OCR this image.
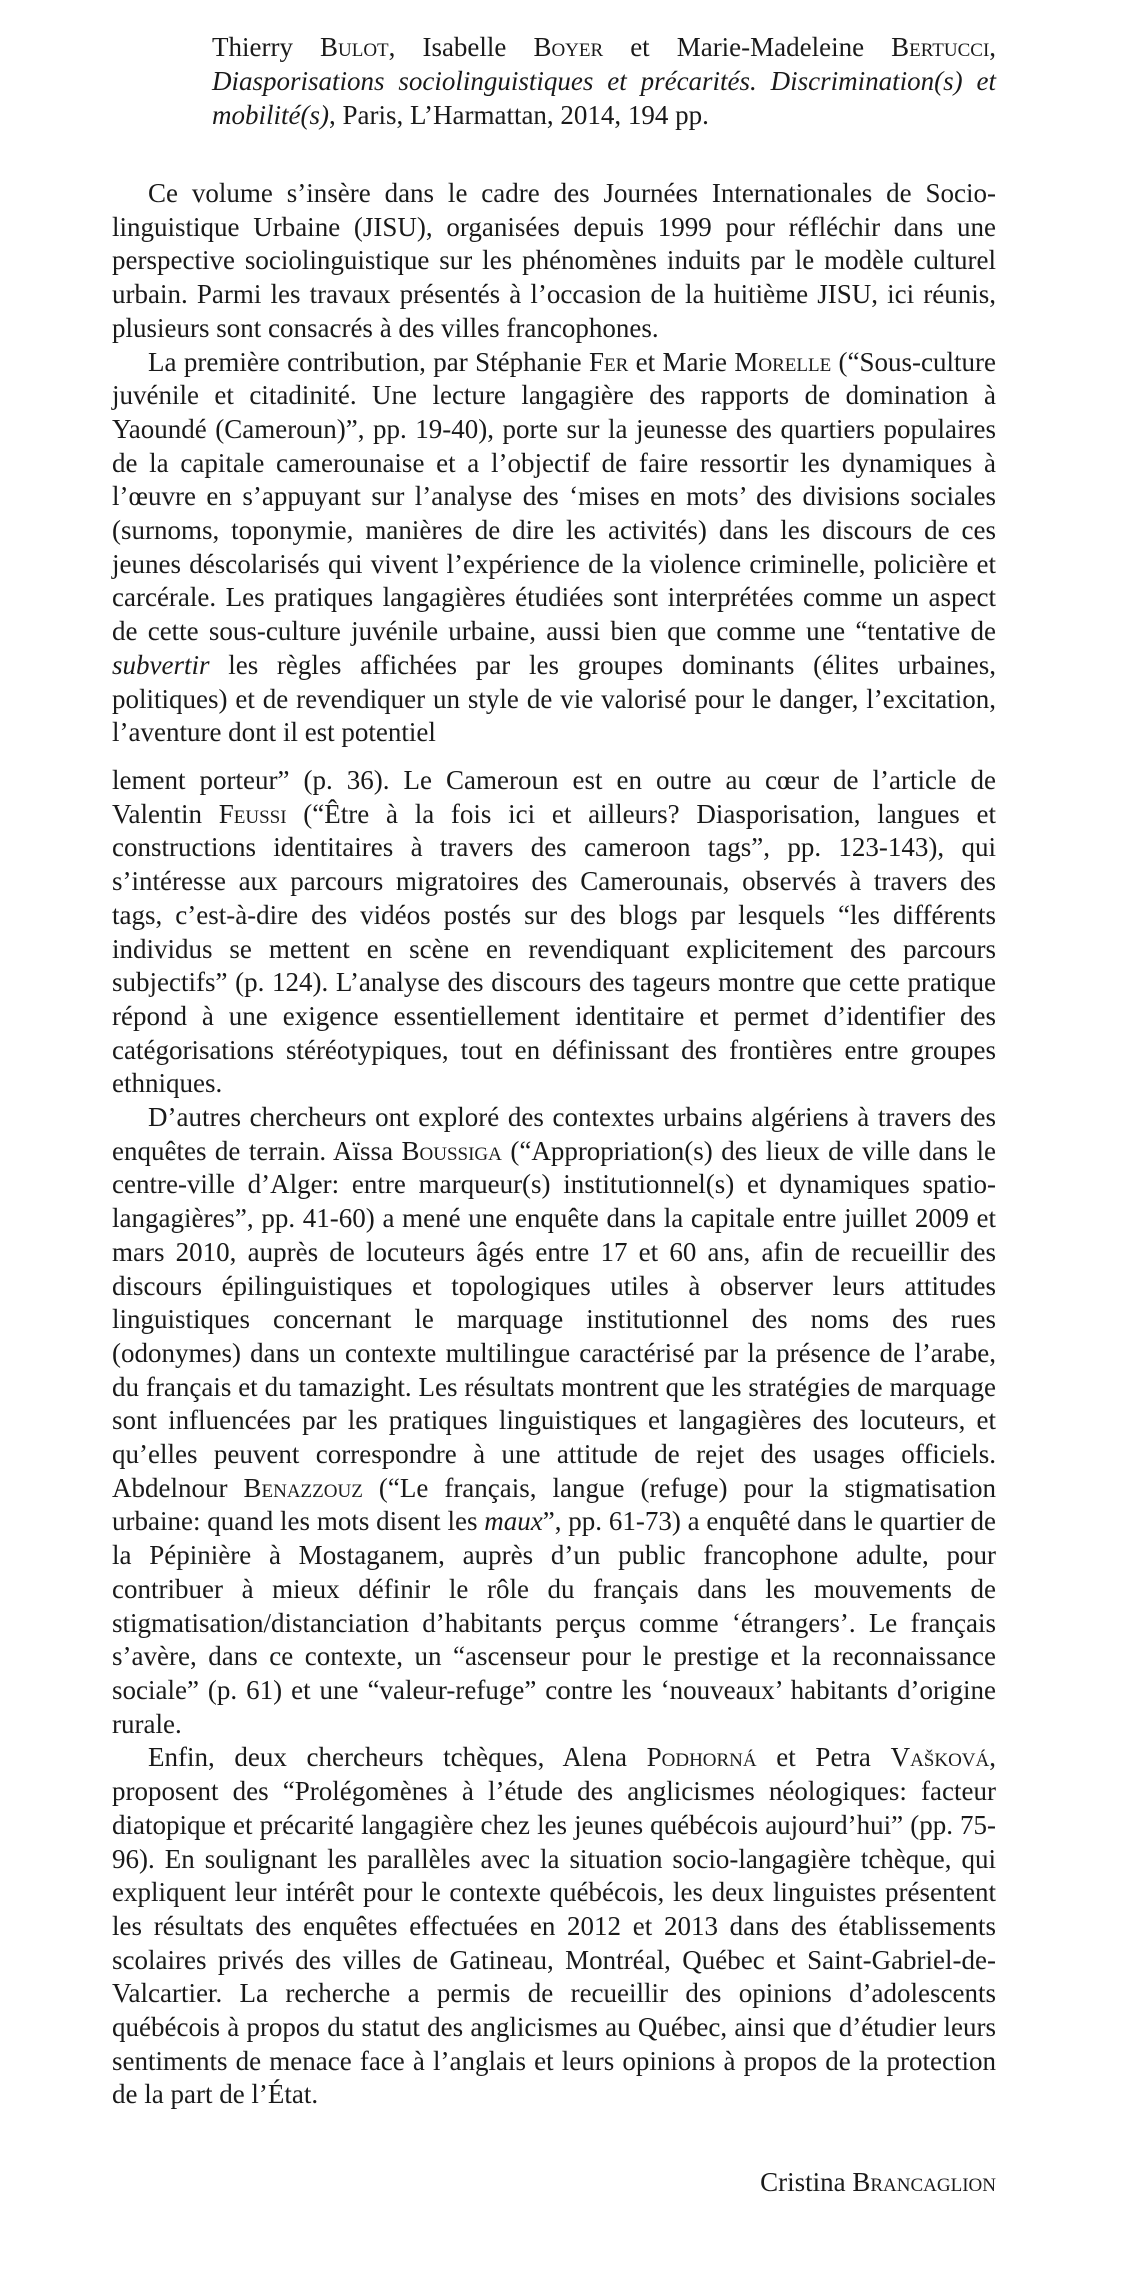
Thierry Bulot, Isabelle Boyer et Marie-Madeleine Bertucci, Diasporisations sociolinguistiques et précarités. Discrimination(s) et mobilité(s), Paris, L’Harmattan, 2014, 194 pp.

Ce volume s’insère dans le cadre des Journées Internationales de Sociolinguistique Urbaine (JISU), organisées depuis 1999 pour réfléchir dans une perspective sociolinguistique sur les phénomènes induits par le modèle culturel urbain. Parmi les travaux présentés à l’occasion de la huitième JISU, ici réunis, plusieurs sont consacrés à des villes francophones.

La première contribution, par Stéphanie Fer et Marie Morelle (“Sous-culture juvénile et citadinité. Une lecture langagière des rapports de domination à Yaoundé (Cameroun)”, pp. 19-40), porte sur la jeunesse des quartiers populaires de la capitale camerounaise et a l’objectif de faire ressortir les dynamiques à l’œuvre en s’appuyant sur l’analyse des ‘mises en mots’ des divisions sociales (surnoms, toponymie, manières de dire les activités) dans les discours de ces jeunes déscolarisés qui vivent l’expérience de la violence criminelle, policière et carcérale. Les pratiques langagières étudiées sont interprétées comme un aspect de cette sous-culture juvénile urbaine, aussi bien que comme une “tentative de subvertir les règles affichées par les groupes dominants (élites urbaines, politiques) et de revendiquer un style de vie valorisé pour le danger, l’excitation, l’aventure dont il est potentiel

lement porteur” (p. 36). Le Cameroun est en outre au cœur de l’article de Valentin Feussi (“Être à la fois ici et ailleurs? Diasporisation, langues et constructions identitaires à travers des cameroon tags”, pp. 123-143), qui s’intéresse aux parcours migratoires des Camerounais, observés à travers des tags, c’est-à-dire des vidéos postés sur des blogs par lesquels “les différents individus se mettent en scène en revendiquant explicitement des parcours subjectifs” (p. 124). L’analyse des discours des tageurs montre que cette pratique répond à une exigence essentiellement identitaire et permet d’identifier des catégorisations stéréotypiques, tout en définissant des frontières entre groupes ethniques.

D’autres chercheurs ont exploré des contextes urbains algériens à travers des enquêtes de terrain. Aïssa Boussiga (“Appropriation(s) des lieux de ville dans le centre-ville d’Alger: entre marqueur(s) institutionnel(s) et dynamiques spatio-langagières”, pp. 41-60) a mené une enquête dans la capitale entre juillet 2009 et mars 2010, auprès de locuteurs âgés entre 17 et 60 ans, afin de recueillir des discours épilinguistiques et topologiques utiles à observer leurs attitudes linguistiques concernant le marquage institutionnel des noms des rues (odonymes) dans un contexte multilingue caractérisé par la présence de l’arabe, du français et du tamazight. Les résultats montrent que les stratégies de marquage sont influencées par les pratiques linguistiques et langagières des locuteurs, et qu’elles peuvent correspondre à une attitude de rejet des usages officiels. Abdelnour Benazzouz (“Le français, langue (refuge) pour la stigmatisation urbaine: quand les mots disent les maux”, pp. 61-73) a enquêté dans le quartier de la Pépinière à Mostaganem, auprès d’un public francophone adulte, pour contribuer à mieux définir le rôle du français dans les mouvements de stigmatisation/distanciation d’habitants perçus comme ‘étrangers’. Le français s’avère, dans ce contexte, un “ascenseur pour le prestige et la reconnaissance sociale” (p. 61) et une “valeur-refuge” contre les ‘nouveaux’ habitants d’origine rurale.

Enfin, deux chercheurs tchèques, Alena Podhorná et Petra Vašková, proposent des “Prolégomènes à l’étude des anglicismes néologiques: facteur diatopique et précarité langagière chez les jeunes québécois aujourd’hui” (pp. 75-96). En soulignant les parallèles avec la situation socio-langagière tchèque, qui expliquent leur intérêt pour le contexte québécois, les deux linguistes présentent les résultats des enquêtes effectuées en 2012 et 2013 dans des établissements scolaires privés des villes de Gatineau, Montréal, Québec et Saint-Gabriel-de-Valcartier. La recherche a permis de recueillir des opinions d’adolescents québécois à propos du statut des anglicismes au Québec, ainsi que d’étudier leurs sentiments de menace face à l’anglais et leurs opinions à propos de la protection de la part de l’État.

Cristina Brancaglion
